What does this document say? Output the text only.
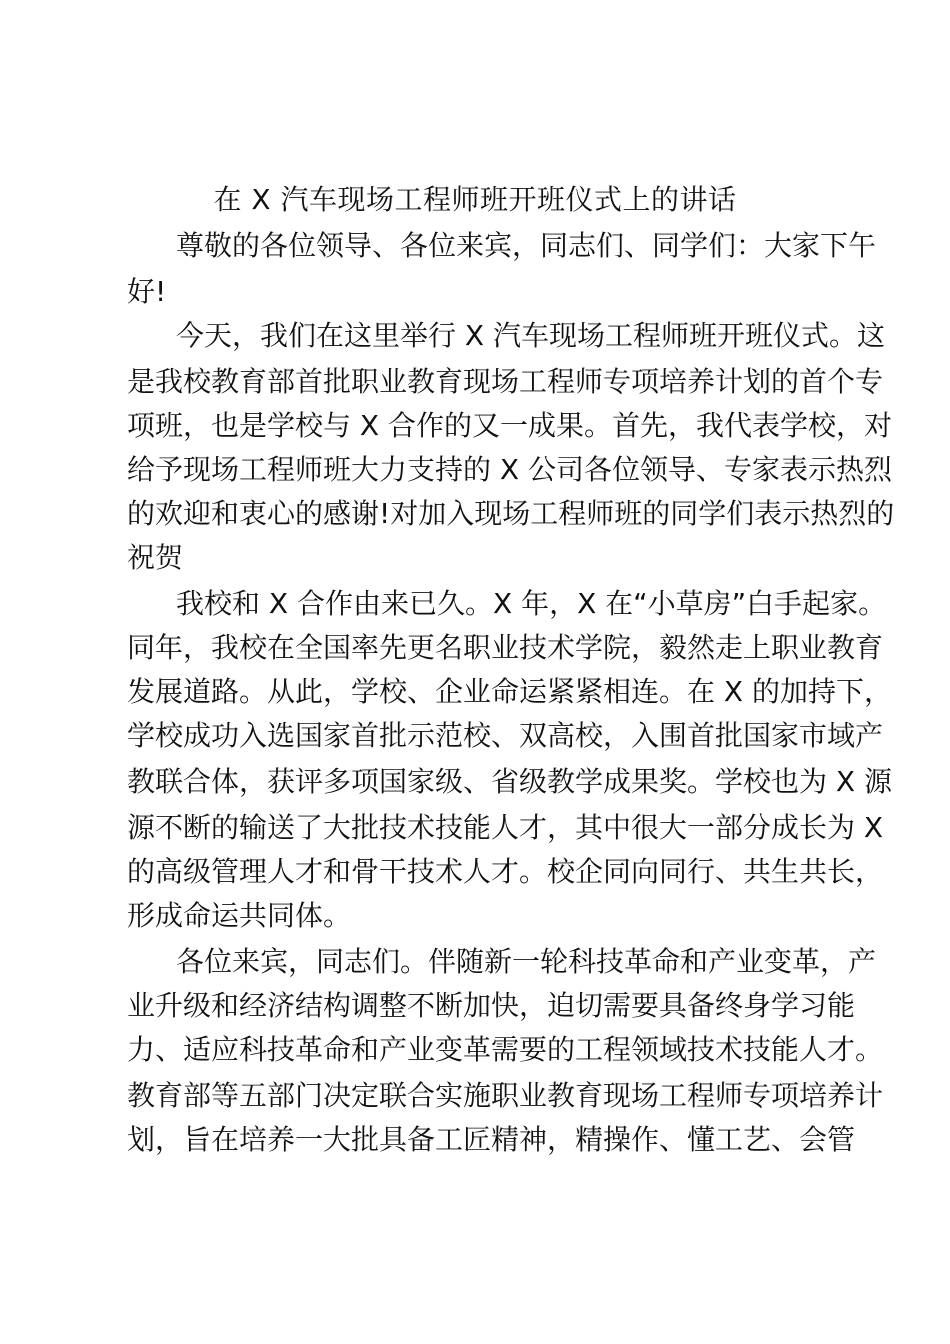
在 X 汽车现场工程师班开班仪式上的讲话
尊敬的各位领导、各位来宾，同志们、同学们：大家下午
好!
今天，我们在这里举行 X 汽车现场工程师班开班仪式。这
是我校教育部首批职业教育现场工程师专项培养计划的首个专
项班，也是学校与 X 合作的又一成果。首先，我代表学校，对
给予现场工程师班大力支持的 X 公司各位领导、专家表示热烈
的欢迎和衷心的感谢!对加入现场工程师班的同学们表示热烈的
祝贺
我校和 X 合作由来已久。X 年，X 在“小草房”白手起家。
同年，我校在全国率先更名职业技术学院，毅然走上职业教育
发展道路。从此，学校、企业命运紧紧相连。在 X 的加持下，
学校成功入选国家首批示范校、双高校，入围首批国家市域产
教联合体，获评多项国家级、省级教学成果奖。学校也为 X 源
源不断的输送了大批技术技能人才，其中很大一部分成长为 X
的高级管理人才和骨干技术人才。校企同向同行、共生共长，
形成命运共同体。
各位来宾，同志们。伴随新一轮科技革命和产业变革，产
业升级和经济结构调整不断加快，迫切需要具备终身学习能
力、适应科技革命和产业变革需要的工程领域技术技能人才。
教育部等五部门决定联合实施职业教育现场工程师专项培养计
划，旨在培养一大批具备工匠精神，精操作、懂工艺、会管
